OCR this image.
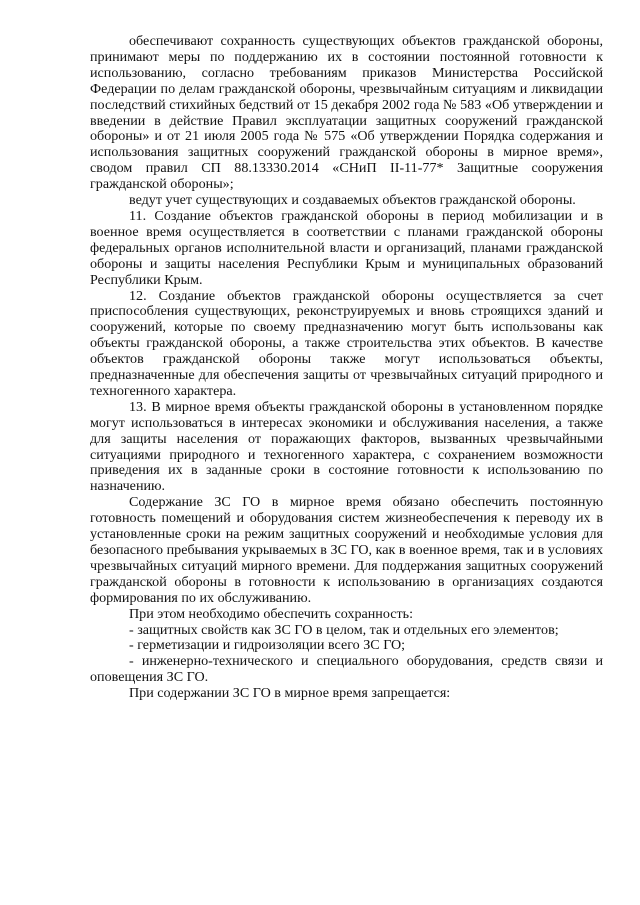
обеспечивают сохранность существующих объектов гражданской обороны, принимают меры по поддержанию их в состоянии постоянной готовности к использованию, согласно требованиям приказов Министерства Российской Федерации по делам гражданской обороны, чрезвычайным ситуациям и ликвидации последствий стихийных бедствий от 15 декабря 2002 года № 583 «Об утверждении и введении в действие Правил эксплуатации защитных сооружений гражданской обороны» и от 21 июля 2005 года № 575 «Об утверждении Порядка содержания и использования защитных сооружений гражданской обороны в мирное время», сводом правил СП 88.13330.2014 «СНиП II-11-77* Защитные сооружения гражданской обороны»;

ведут учет существующих и создаваемых объектов гражданской обороны.

11. Создание объектов гражданской обороны в период мобилизации и в военное время осуществляется в соответствии с планами гражданской обороны федеральных органов исполнительной власти и организаций, планами гражданской обороны и защиты населения Республики Крым и муниципальных образований Республики Крым.

12. Создание объектов гражданской обороны осуществляется за счет приспособления существующих, реконструируемых и вновь строящихся зданий и сооружений, которые по своему предназначению могут быть использованы как объекты гражданской обороны, а также строительства этих объектов. В качестве объектов гражданской обороны также могут использоваться объекты, предназначенные для обеспечения защиты от чрезвычайных ситуаций природного и техногенного характера.

13. В мирное время объекты гражданской обороны в установленном порядке могут использоваться в интересах экономики и обслуживания населения, а также для защиты населения от поражающих факторов, вызванных чрезвычайными ситуациями природного и техногенного характера, с сохранением возможности приведения их в заданные сроки в состояние готовности к использованию по назначению.

Содержание ЗС ГО в мирное время обязано обеспечить постоянную готовность помещений и оборудования систем жизнеобеспечения к переводу их в установленные сроки на режим защитных сооружений и необходимые условия для безопасного пребывания укрываемых в ЗС ГО, как в военное время, так и в условиях чрезвычайных ситуаций мирного времени. Для поддержания защитных сооружений гражданской обороны в готовности к использованию в организациях создаются формирования по их обслуживанию.

При этом необходимо обеспечить сохранность:

- защитных свойств как ЗС ГО в целом, так и отдельных его элементов;

- герметизации и гидроизоляции всего ЗС ГО;

- инженерно-технического и специального оборудования, средств связи и оповещения ЗС ГО.

При содержании ЗС ГО в мирное время запрещается:
